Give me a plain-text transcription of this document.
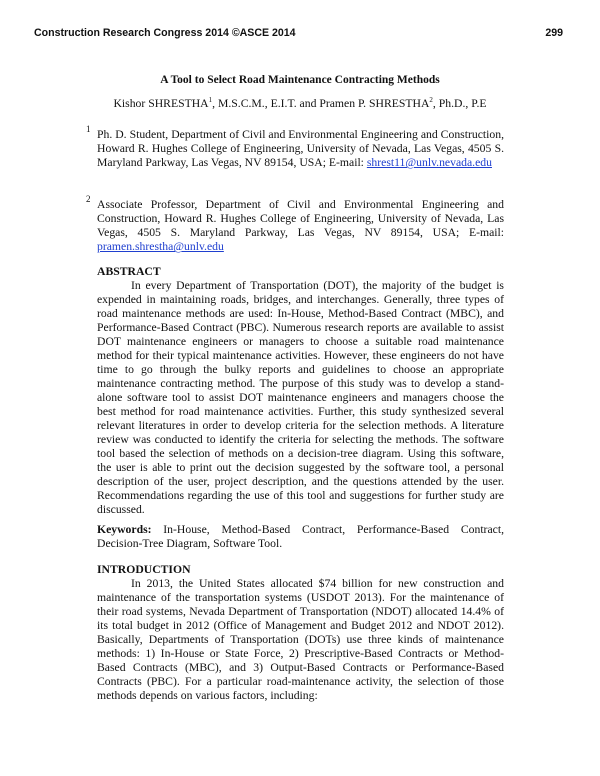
Construction Research Congress 2014 ©ASCE 2014	299
A Tool to Select Road Maintenance Contracting Methods
Kishor SHRESTHA$^1$, M.S.C.M., E.I.T. and Pramen P. SHRESTHA$^2$, Ph.D., P.E
1 Ph. D. Student, Department of Civil and Environmental Engineering and Construction, Howard R. Hughes College of Engineering, University of Nevada, Las Vegas, 4505 S. Maryland Parkway, Las Vegas, NV 89154, USA; E-mail: shrest11@unlv.nevada.edu
2 Associate Professor, Department of Civil and Environmental Engineering and Construction, Howard R. Hughes College of Engineering, University of Nevada, Las Vegas, 4505 S. Maryland Parkway, Las Vegas, NV 89154, USA; E-mail: pramen.shrestha@unlv.edu
ABSTRACT
In every Department of Transportation (DOT), the majority of the budget is expended in maintaining roads, bridges, and interchanges. Generally, three types of road maintenance methods are used: In-House, Method-Based Contract (MBC), and Performance-Based Contract (PBC). Numerous research reports are available to assist DOT maintenance engineers or managers to choose a suitable road maintenance method for their typical maintenance activities. However, these engineers do not have time to go through the bulky reports and guidelines to choose an appropriate maintenance contracting method. The purpose of this study was to develop a stand-alone software tool to assist DOT maintenance engineers and managers choose the best method for road maintenance activities. Further, this study synthesized several relevant literatures in order to develop criteria for the selection methods. A literature review was conducted to identify the criteria for selecting the methods. The software tool based the selection of methods on a decision-tree diagram. Using this software, the user is able to print out the decision suggested by the software tool, a personal description of the user, project description, and the questions attended by the user. Recommendations regarding the use of this tool and suggestions for further study are discussed.
Keywords: In-House, Method-Based Contract, Performance-Based Contract, Decision-Tree Diagram, Software Tool.
INTRODUCTION
In 2013, the United States allocated $74 billion for new construction and maintenance of the transportation systems (USDOT 2013). For the maintenance of their road systems, Nevada Department of Transportation (NDOT) allocated 14.4% of its total budget in 2012 (Office of Management and Budget 2012 and NDOT 2012). Basically, Departments of Transportation (DOTs) use three kinds of maintenance methods: 1) In-House or State Force, 2) Prescriptive-Based Contracts or Method-Based Contracts (MBC), and 3) Output-Based Contracts or Performance-Based Contracts (PBC). For a particular road-maintenance activity, the selection of those methods depends on various factors, including:
